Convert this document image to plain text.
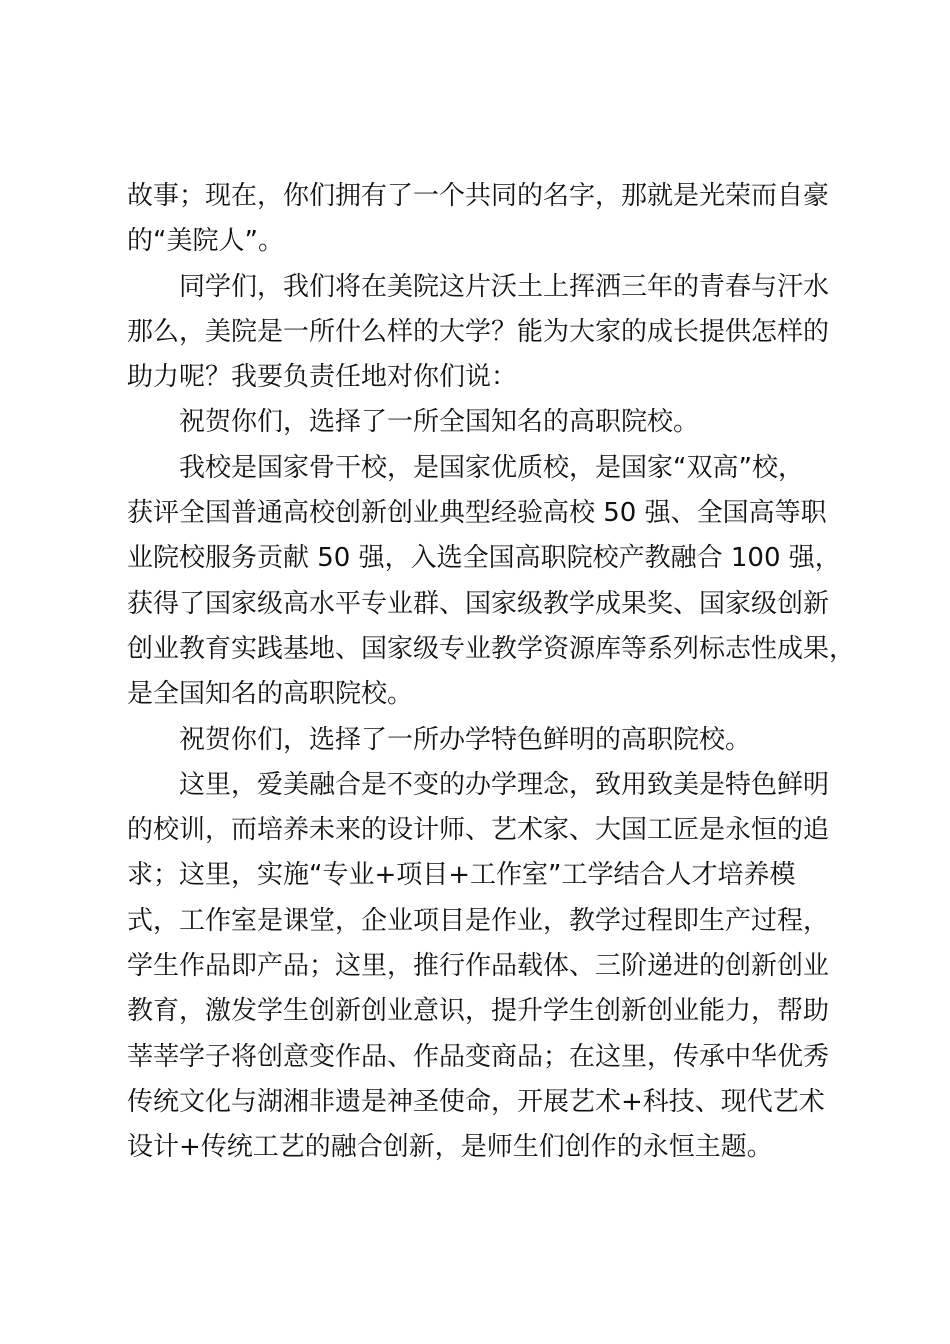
故事；现在，你们拥有了一个共同的名字，那就是光荣而自豪
的“美院人”。
同学们，我们将在美院这片沃土上挥洒三年的青春与汗水
那么，美院是一所什么样的大学？能为大家的成长提供怎样的
助力呢？我要负责任地对你们说：
祝贺你们，选择了一所全国知名的高职院校。
我校是国家骨干校，是国家优质校，是国家“双高”校，
获评全国普通高校创新创业典型经验高校 50 强、全国高等职
业院校服务贡献 50 强，入选全国高职院校产教融合 100 强，
获得了国家级高水平专业群、国家级教学成果奖、国家级创新
创业教育实践基地、国家级专业教学资源库等系列标志性成果，
是全国知名的高职院校。
祝贺你们，选择了一所办学特色鲜明的高职院校。
这里，爱美融合是不变的办学理念，致用致美是特色鲜明
的校训，而培养未来的设计师、艺术家、大国工匠是永恒的追
求；这里，实施“专业+项目+工作室”工学结合人才培养模
式，工作室是课堂，企业项目是作业，教学过程即生产过程，
学生作品即产品；这里，推行作品载体、三阶递进的创新创业
教育，激发学生创新创业意识，提升学生创新创业能力，帮助
莘莘学子将创意变作品、作品变商品；在这里，传承中华优秀
传统文化与湖湘非遗是神圣使命，开展艺术+科技、现代艺术
设计+传统工艺的融合创新，是师生们创作的永恒主题。
